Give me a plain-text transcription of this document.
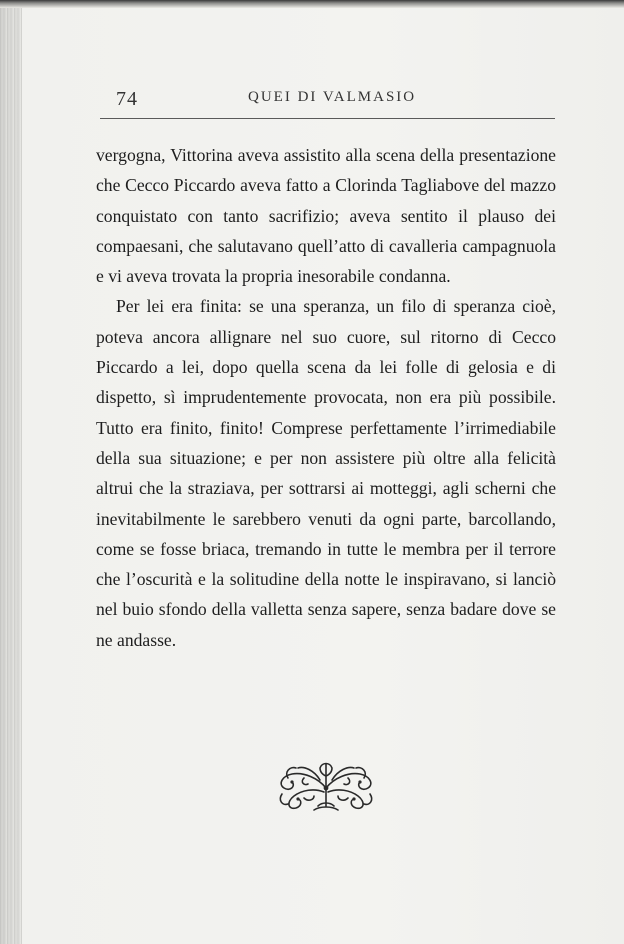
74	QUEI DI VALMASIO

vergogna, Vittorina aveva assistito alla scena della presentazione che Cecco Piccardo aveva fatto a Clorinda Tagliabove del mazzo conquistato con tanto sacrifizio; aveva sentito il plauso dei compaesani, che salutavano quell’atto di cavalleria campagnuola e vi aveva trovata la propria inesorabile condanna.

Per lei era finita: se una speranza, un filo di speranza cioè, poteva ancora allignare nel suo cuore, sul ritorno di Cecco Piccardo a lei, dopo quella scena da lei folle di gelosia e di dispetto, sì imprudentemente provocata, non era più possibile. Tutto era finito, finito! Comprese perfettamente l’irrimediabile della sua situazione; e per non assistere più oltre alla felicità altrui che la straziava, per sottrarsi ai motteggi, agli scherni che inevitabilmente le sarebbero venuti da ogni parte, barcollando, come se fosse briaca, tremando in tutte le membra per il terrore che l’oscurità e la solitudine della notte le inspiravano, si lanciò nel buio sfondo della valletta senza sapere, senza badare dove se ne andasse.
